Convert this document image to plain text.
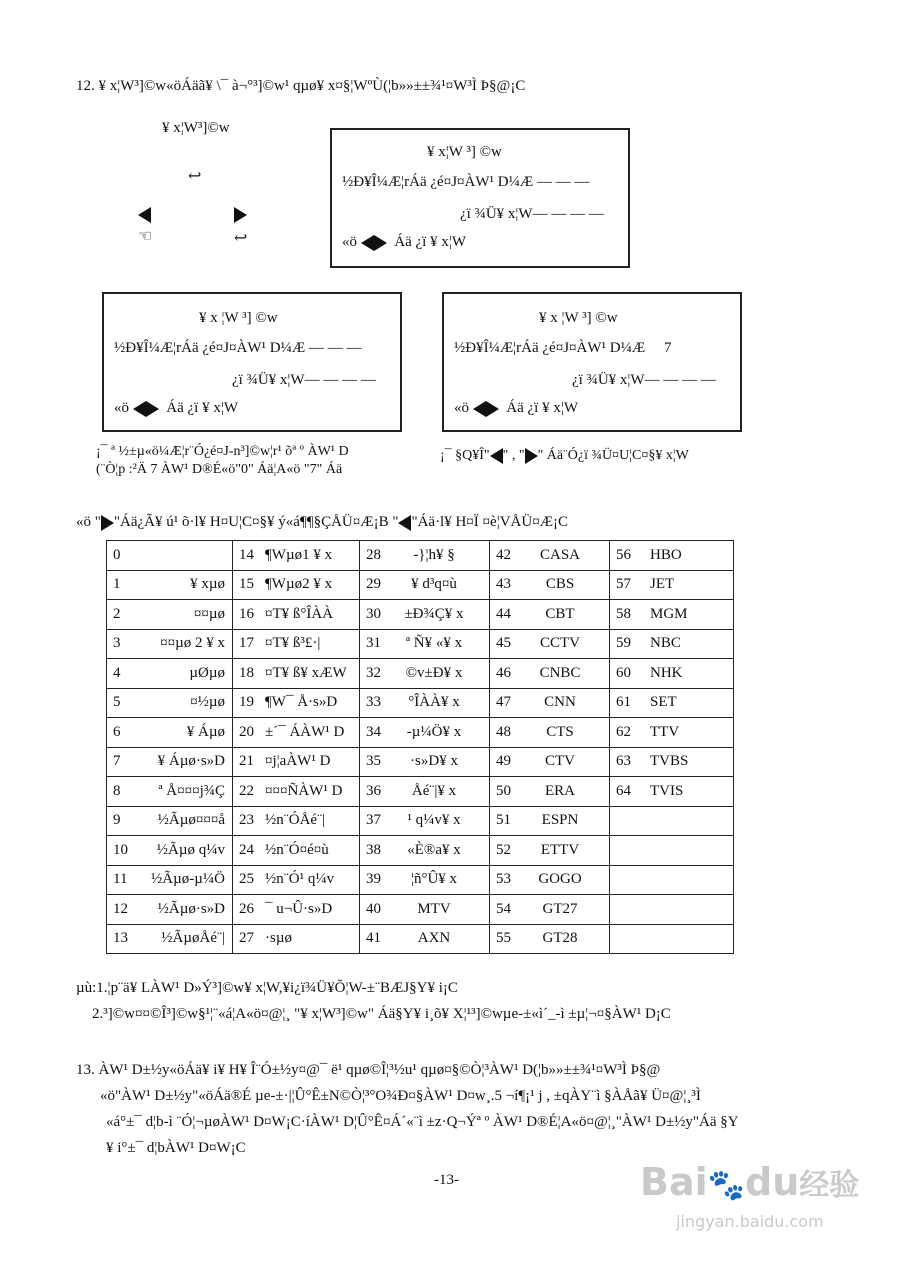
12. ¥ x¦W³]©w«öÁäã¥ \¯ à¬°³]©w¹ qµø¥ x¤§¦WºÙ(¦b»»±±¾¹¤W³Ì Þ§@¡C
¥ x¦W³]©w
↩
☜	↩
¥ x¦W ³] ©w
½Ð¥Î¼Æ¦rÁä ¿é¤J¤ÀW¹ D¼Æ — — —
¿ï ¾Ü¥ x¦W— — — —
«ö Áä ¿ï ¥ x¦W
¥ x ¦W ³] ©w
½Ð¥Î¼Æ¦rÁä ¿é¤J¤ÀW¹ D¼Æ — — —
¿ï ¾Ü¥ x¦W— — — —
«ö Áä ¿ï ¥ x¦W
¥ x ¦W ³] ©w
½Ð¥Î¼Æ¦rÁä ¿é¤J¤ÀW¹ D¼Æ 7
¿ï ¾Ü¥ x¦W— — — —
«ö Áä ¿ï ¥ x¦W
¡¯ ª ½±µ«ö¼Æ¦r¨Ó¿é¤J-n³]©w¦r¹ õª º ÀW¹ D
(¨Ò¦p :²Ä 7 ÀW¹ D®É«ö"0" Áä¦A«ö "7" Áä
¡¯ §Q¥Î" " , " " Áä¨Ó¿ï ¾Ü¤U¦C¤§¥ x¦W
«ö " "Áä¿Ã¥ ú¹ õ·l¥ H¤U¦C¤§¥ ý«á¶¶§ÇÅÜ¤Æ¡B " "Áä·l¥ H¤Ï ¤è¦VÅÜ¤Æ¡C
0	14 ¶Wµø1 ¥ x	28 -}¦h¥ §	42 CASA	56 HBO
1 ¥ xµø	15 ¶Wµø2 ¥ x	29 ¥ d³q¤ù	43 CBS	57 JET
2 ¤¤µø	16 ¤T¥ ß°ÎÀÀ	30 ±Ð¾Ç¥ x	44 CBT	58 MGM
3 ¤¤µø 2 ¥ x	17 ¤T¥ ß³£·|	31 ª Ñ¥ «¥ x	45 CCTV	59 NBC
4 µØµø	18 ¤T¥ ß¥ xÆW	32 ©v±Ð¥ x	46 CNBC	60 NHK
5 ¤½µø	19 ¶W¯ Å·s»D	33 °ÎÀÀ¥ x	47 CNN	61 SET
6 ¥ Áµø	20 ±´¯ ÁÀW¹ D	34 -µ¼Ö¥ x	48 CTS	62 TTV
7 ¥ Áµø·s»D	21 ¤j¦aÀW¹ D	35 ·s»D¥ x	49 CTV	63 TVBS
8 ª Å¤¤¤j¾Ç	22 ¤¤¤ÑÀW¹ D	36 Åé¨|¥ x	50 ERA	64 TVIS
9 ½Ãµø¤¤¤å	23 ½n¨ÓÅé¨|	37 ¹ q¼v¥ x	51 ESPN	
10 ½Ãµø q¼v	24 ½n¨Ó¤é¤ù	38 «È®a¥ x	52 ETTV	
11 ½Ãµø-µ¼Ö	25 ½n¨Ó¹ q¼v	39 ¦ñ°Û¥ x	53 GOGO	
12 ½Ãµø·s»D	26 ¯ u¬Û·s»D	40 MTV	54 GT27	
13 ½ÃµøÅé¨|	27 ·sµø	41 AXN	55 GT28	
µù:1.¦p¨ä¥ LÀW¹ D»Ý³]©w¥ x¦W,¥i¿ï¾Ü¥Õ¦W-±¨BÆJ§Y¥ i¡C
2.³]©w¤¤©Î³]©w§¹¦¨«á¦A«ö¤@¦¸ "¥ x¦W³]©w" Áä§Y¥ i¸õ¥ X¦¹³]©wµe-±«ì´_-ì ±µ¦¬¤§ÀW¹ D¡C
13. ÀW¹ D±½y«öÁä¥ i¥ H¥ Î¨Ó±½y¤@¯ ë¹ qµø©Î¦³½u¹ qµø¤§©Ò¦³ÀW¹ D(¦b»»±±¾¹¤W³Ì Þ§@
«ö"ÀW¹ D±½y"«öÁä®É µe-±·|¦Û°Ê±N©Ò¦³°O¾Ð¤§ÀW¹ D¤w¸.5 ¬í¶¡¹ j , ±qÀY¨ì §ÀÅã¥ Ü¤@¦¸³Ì
«á°±¯ d¦b-ì ¨Ó¦¬µøÀW¹ D¤W¡C·íÀW¹ D¦Û°Ê¤Á´«¨ì ±z·Q¬Ýª º ÀW¹ D®É¦A«ö¤@¦¸"ÀW¹ D±½y"Áä §Y
¥ i°±¯ d¦bÀW¹ D¤W¡C
-13-	Bai🐾du经验
jingyan.baidu.com
